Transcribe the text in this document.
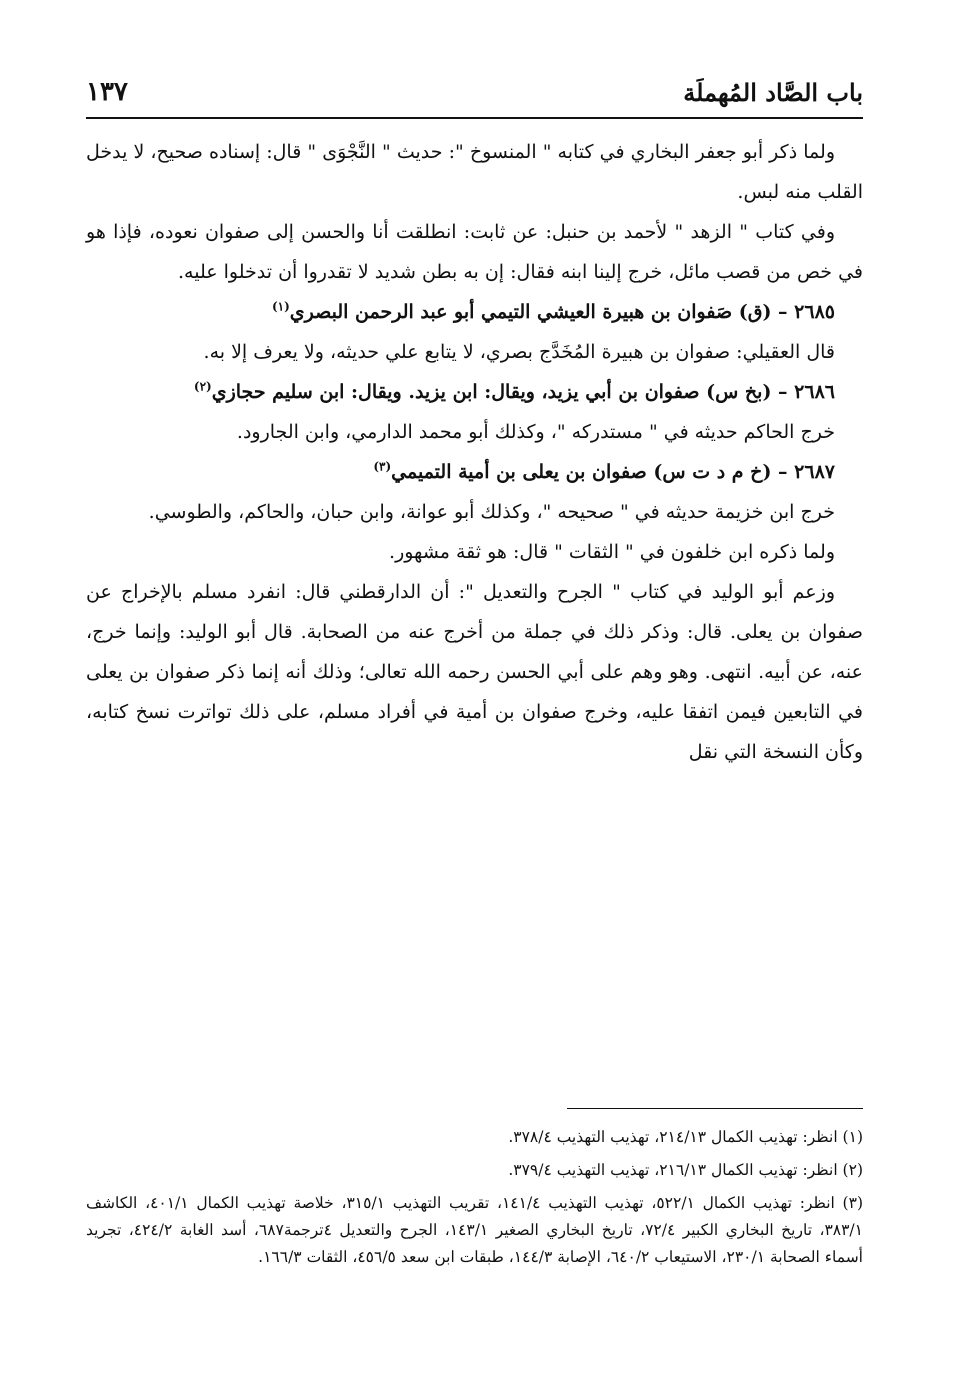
باب الصَّاد المُهملَة
١٣٧

ولما ذكر أبو جعفر البخاري في كتابه " المنسوخ ": حديث " النَّجْوَى " قال: إسناده صحيح، لا يدخل القلب منه لبس.

وفي كتاب " الزهد " لأحمد بن حنبل: عن ثابت: انطلقت أنا والحسن إلى صفوان نعوده، فإذا هو في خص من قصب مائل، خرج إلينا ابنه فقال: إن به بطن شديد لا تقدروا أن تدخلوا عليه.

٢٦٨٥ – (ق) صَفوان بن هبيرة العيشي التيمي أبو عبد الرحمن البصري$^{(١)}$

قال العقيلي: صفوان بن هبيرة المُخَدَّج بصري، لا يتابع علي حديثه، ولا يعرف إلا به.

٢٦٨٦ – (بخ س) صفوان بن أبي يزيد، ويقال: ابن يزيد. ويقال: ابن سليم حجازي$^{(٢)}$

خرج الحاكم حديثه في " مستدركه "، وكذلك أبو محمد الدارمي، وابن الجارود.

٢٦٨٧ – (خ م د ت س) صفوان بن يعلى بن أمية التميمي$^{(٣)}$

خرج ابن خزيمة حديثه في " صحيحه "، وكذلك أبو عوانة، وابن حبان، والحاكم، والطوسي.

ولما ذكره ابن خلفون في " الثقات " قال: هو ثقة مشهور.

وزعم أبو الوليد في كتاب " الجرح والتعديل ": أن الدارقطني قال: انفرد مسلم بالإخراج عن صفوان بن يعلى. قال: وذكر ذلك في جملة من أخرج عنه من الصحابة. قال أبو الوليد: وإنما خرج، عنه، عن أبيه. انتهى. وهو وهم على أبي الحسن رحمه الله تعالى؛ وذلك أنه إنما ذكر صفوان بن يعلى في التابعين فيمن اتفقا عليه، وخرج صفوان بن أمية في أفراد مسلم، على ذلك تواترت نسخ كتابه، وكأن النسخة التي نقل

(١) انظر: تهذيب الكمال ٢١٤/١٣، تهذيب التهذيب ٣٧٨/٤.

(٢) انظر: تهذيب الكمال ٢١٦/١٣، تهذيب التهذيب ٣٧٩/٤.

(٣) انظر: تهذيب الكمال ٥٢٢/١، تهذيب التهذيب ١٤١/٤، تقريب التهذيب ٣١٥/١، خلاصة تهذيب الكمال ٤٠١/١، الكاشف ٣٨٣/١، تاريخ البخاري الكبير ٧٢/٤، تاريخ البخاري الصغير ١٤٣/١، الجرح والتعديل ٤ترجمة٦٨٧، أسد الغابة ٤٢٤/٢، تجريد أسماء الصحابة ٢٣٠/١، الاستيعاب ٦٤٠/٢، الإصابة ١٤٤/٣، طبقات ابن سعد ٤٥٦/٥، الثقات ١٦٦/٣.
